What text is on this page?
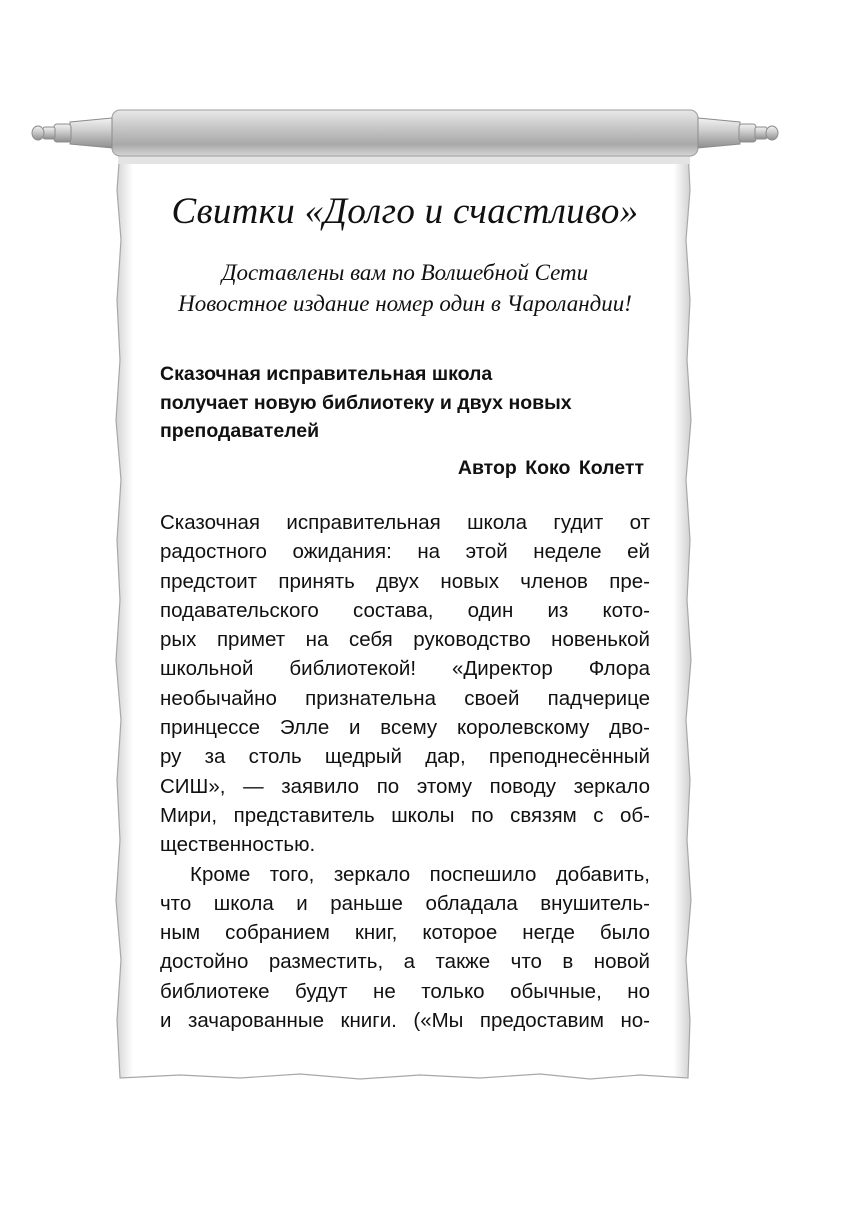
Свитки «Долго и счастливо»
Доставлены вам по Волшебной Сети
Новостное издание номер один в Чароландии!
Сказочная исправительная школа
получает новую библиотеку и двух новых
преподавателей
Автор Коко Колетт
Сказочная исправительная школа гудит от
радостного ожидания: на этой неделе ей
предстоит принять двух новых членов пре-
подавательского состава, один из кото-
рых примет на себя руководство новенькой
школьной библиотекой! «Директор Флора
необычайно признательна своей падчерице
принцессе Элле и всему королевскому дво-
ру за столь щедрый дар, преподнесённый
СИШ», — заявило по этому поводу зеркало
Мири, представитель школы по связям с об-
щественностью.
Кроме того, зеркало поспешило добавить,
что школа и раньше обладала внушитель-
ным собранием книг, которое негде было
достойно разместить, а также что в новой
библиотеке будут не только обычные, но
и зачарованные книги. («Мы предоставим но-
